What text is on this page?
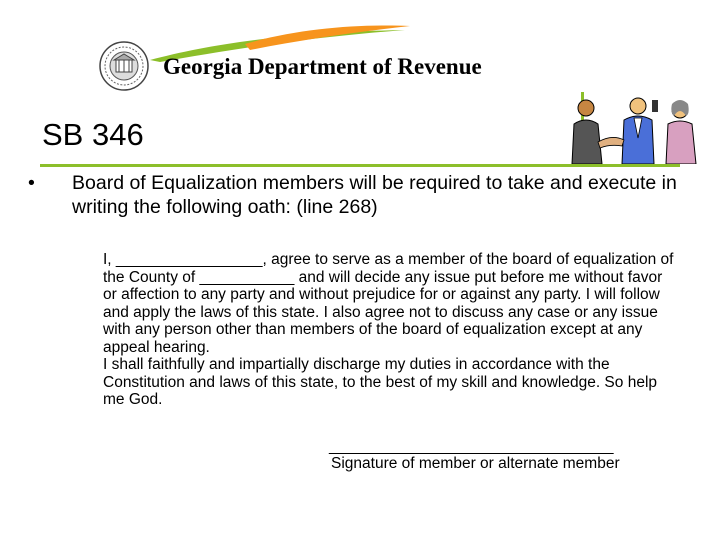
Georgia Department of Revenue
SB 346
• Board of Equalization members will be required to take and execute in writing the following oath: (line 268)

I, _________________, agree to serve as a member of the board of equalization of the County of ___________ and will decide any issue put before me without favor or affection to any party and without prejudice for or against any party. I will follow and apply the laws of this state. I also agree not to discuss any case or any issue with any person other than members of the board of equalization except at any appeal hearing.

I shall faithfully and impartially discharge my duties in accordance with the Constitution and laws of this state, to the best of my skill and knowledge. So help me God.

_________________________________
Signature of member or alternate member
